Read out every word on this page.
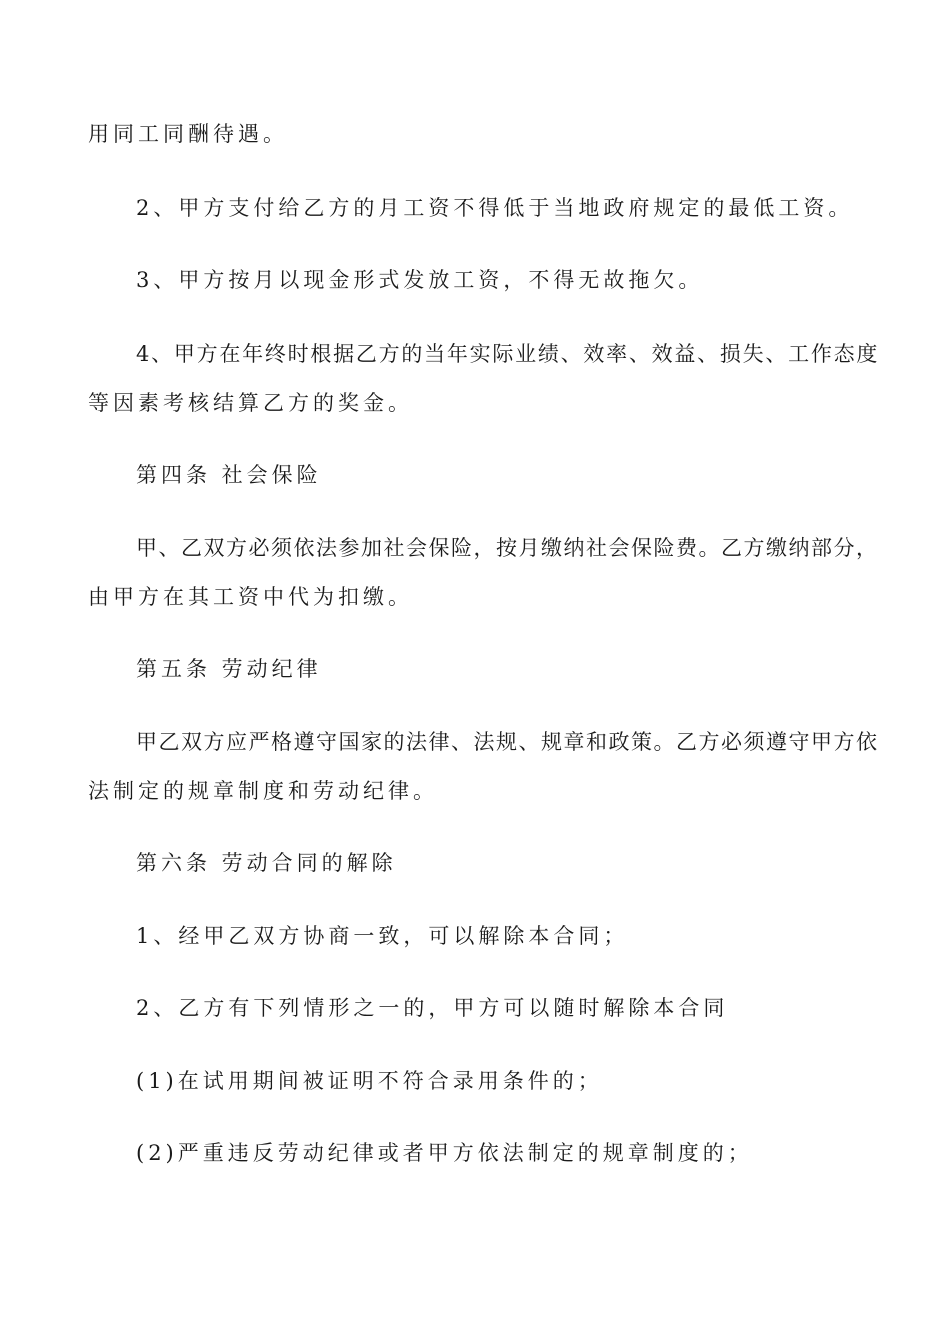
用同工同酬待遇。

2、甲方支付给乙方的月工资不得低于当地政府规定的最低工资。

3、甲方按月以现金形式发放工资，不得无故拖欠。

4、甲方在年终时根据乙方的当年实际业绩、效率、效益、损失、工作态度

等因素考核结算乙方的奖金。

第四条 社会保险

甲、乙双方必须依法参加社会保险，按月缴纳社会保险费。乙方缴纳部分，

由甲方在其工资中代为扣缴。

第五条 劳动纪律

甲乙双方应严格遵守国家的法律、法规、规章和政策。乙方必须遵守甲方依

法制定的规章制度和劳动纪律。

第六条 劳动合同的解除

1、经甲乙双方协商一致，可以解除本合同；

2、乙方有下列情形之一的，甲方可以随时解除本合同

(1)在试用期间被证明不符合录用条件的；

(2)严重违反劳动纪律或者甲方依法制定的规章制度的；
